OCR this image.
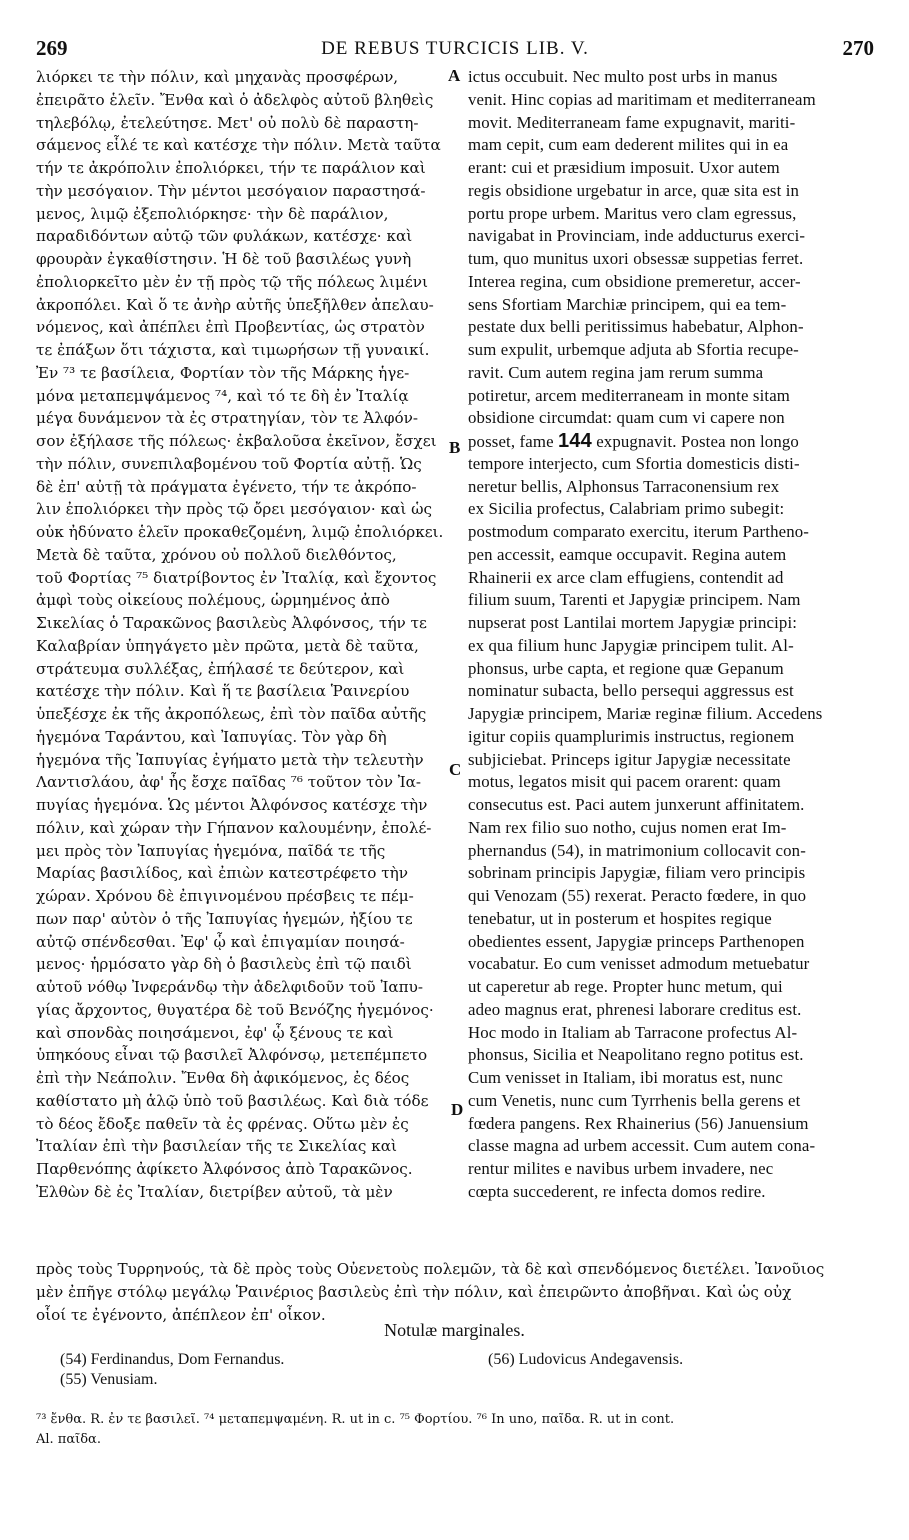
269	DE REBUS TURCICIS LIB. V.	270
A
B
C
D

λιόρκει τε τὴν πόλιν, καὶ μηχανὰς προσφέρων,

ἐπειρᾶτο ἑλεῖν. Ἔνθα καὶ ὁ ἀδελφὸς αὐτοῦ βληθεὶς

τηλεβόλῳ, ἐτελεύτησε. Μετ' οὐ πολὺ δὲ παραστη-

σάμενος εἷλέ τε καὶ κατέσχε τὴν πόλιν. Μετὰ ταῦτα

τήν τε ἀκρόπολιν ἐπολιόρκει, τήν τε παράλιον καὶ

τὴν μεσόγαιον. Τὴν μέντοι μεσόγαιον παραστησά-

μενος, λιμῷ ἐξεπολιόρκησε· τὴν δὲ παράλιον,

παραδιδόντων αὐτῷ τῶν φυλάκων, κατέσχε· καὶ

φρουρὰν ἐγκαθίστησιν. Ἡ δὲ τοῦ βασιλέως γυνὴ

ἐπολιορκεῖτο μὲν ἐν τῇ πρὸς τῷ τῆς πόλεως λιμένι

ἀκροπόλει. Καὶ ὅ τε ἀνὴρ αὐτῆς ὑπεξῆλθεν ἀπελαυ-

νόμενος, καὶ ἀπέπλει ἐπὶ Προβεντίας, ὡς στρατὸν

τε ἐπάξων ὅτι τάχιστα, καὶ τιμωρήσων τῇ γυναικί.

Ἐν ⁷³ τε βασίλεια, Φορτίαν τὸν τῆς Μάρκης ἡγε-

μόνα μεταπεμψάμενος ⁷⁴, καὶ τό τε δὴ ἐν Ἰταλίᾳ

μέγα δυνάμενον τὰ ἐς στρατηγίαν, τὸν τε Ἀλφόν-

σον ἐξήλασε τῆς πόλεως· ἐκβαλοῦσα ἐκεῖνον, ἔσχει

τὴν πόλιν, συνεπιλαβομένου τοῦ Φορτία αὐτῇ. Ὡς

δὲ ἐπ' αὐτῇ τὰ πράγματα ἐγένετο, τήν τε ἀκρόπο-

λιν ἐπολιόρκει τὴν πρὸς τῷ ὄρει μεσόγαιον· καὶ ὡς

οὐκ ἠδύνατο ἑλεῖν προκαθεζομένη, λιμῷ ἐπολιόρκει.

Μετὰ δὲ ταῦτα, χρόνου οὐ πολλοῦ διελθόντος,

τοῦ Φορτίας ⁷⁵ διατρίβοντος ἐν Ἰταλίᾳ, καὶ ἔχοντος

ἀμφὶ τοὺς οἰκείους πολέμους, ὡρμημένος ἀπὸ

Σικελίας ὁ Ταρακῶνος βασιλεὺς Ἀλφόνσος, τήν τε

Καλαβρίαν ὑπηγάγετο μὲν πρῶτα, μετὰ δὲ ταῦτα,

στράτευμα συλλέξας, ἐπήλασέ τε δεύτερον, καὶ

κατέσχε τὴν πόλιν. Καὶ ἥ τε βασίλεια Ῥαινερίου

ὑπεξέσχε ἐκ τῆς ἀκροπόλεως, ἐπὶ τὸν παῖδα αὐτῆς

ἡγεμόνα Ταράντου, καὶ Ἰαπυγίας. Τὸν γὰρ δὴ

ἡγεμόνα τῆς Ἰαπυγίας ἐγήματο μετὰ τὴν τελευτὴν

Λαντισλάου, ἀφ' ἧς ἔσχε παῖδας ⁷⁶ τοῦτον τὸν Ἰα-

πυγίας ἡγεμόνα. Ὡς μέντοι Ἀλφόνσος κατέσχε τὴν

πόλιν, καὶ χώραν τὴν Γήπανον καλουμένην, ἐπολέ-

μει πρὸς τὸν Ἰαπυγίας ἡγεμόνα, παῖδά τε τῆς

Μαρίας βασιλίδος, καὶ ἐπιὼν κατεστρέφετο τὴν

χώραν. Χρόνου δὲ ἐπιγινομένου πρέσβεις τε πέμ-

πων παρ' αὐτὸν ὁ τῆς Ἰαπυγίας ἡγεμών, ἠξίου τε

αὐτῷ σπένδεσθαι. Ἐφ' ᾧ καὶ ἐπιγαμίαν ποιησά-

μενος· ἡρμόσατο γὰρ δὴ ὁ βασιλεὺς ἐπὶ τῷ παιδὶ

αὐτοῦ νόθῳ Ἰνφεράνδῳ τὴν ἀδελφιδοῦν τοῦ Ἰαπυ-

γίας ἄρχοντος, θυγατέρα δὲ τοῦ Βενόζης ἡγεμόνος·

καὶ σπονδὰς ποιησάμενοι, ἐφ' ᾧ ξένους τε καὶ

ὑπηκόους εἶναι τῷ βασιλεῖ Ἀλφόνσῳ, μετεπέμπετο

ἐπὶ τὴν Νεάπολιν. Ἔνθα δὴ ἀφικόμενος, ἐς δέος

καθίστατο μὴ ἁλῷ ὑπὸ τοῦ βασιλέως. Καὶ διὰ τόδε

τὸ δέος ἔδοξε παθεῖν τὰ ἐς φρένας. Οὕτω μὲν ἐς

Ἰταλίαν ἐπὶ τὴν βασιλείαν τῆς τε Σικελίας καὶ

Παρθενόπης ἀφίκετο Ἀλφόνσος ἀπὸ Ταρακῶνος.

Ἐλθὼν δὲ ἐς Ἰταλίαν, διετρίβεν αὐτοῦ, τὰ μὲν

ictus occubuit. Nec multo post urbs in manus

venit. Hinc copias ad maritimam et mediterraneam

movit. Mediterraneam fame expugnavit, mariti-

mam cepit, cum eam dederent milites qui in ea

erant: cui et præsidium imposuit. Uxor autem

regis obsidione urgebatur in arce, quæ sita est in

portu prope urbem. Maritus vero clam egressus,

navigabat in Provinciam, inde adducturus exerci-

tum, quo munitus uxori obsessæ suppetias ferret.

Interea regina, cum obsidione premeretur, accer-

sens Sfortiam Marchiæ principem, qui ea tem-

pestate dux belli peritissimus habebatur, Alphon-

sum expulit, urbemque adjuta ab Sfortia recupe-

ravit. Cum autem regina jam rerum summa

potiretur, arcem mediterraneam in monte sitam

obsidione circumdat: quam cum vi capere non

posset, fame 144 expugnavit. Postea non longo

tempore interjecto, cum Sfortia domesticis disti-

neretur bellis, Alphonsus Tarraconensium rex

ex Sicilia profectus, Calabriam primo subegit:

postmodum comparato exercitu, iterum Partheno-

pen accessit, eamque occupavit. Regina autem

Rhainerii ex arce clam effugiens, contendit ad

filium suum, Tarenti et Japygiæ principem. Nam

nupserat post Lantilai mortem Japygiæ principi:

ex qua filium hunc Japygiæ principem tulit. Al-

phonsus, urbe capta, et regione quæ Gepanum

nominatur subacta, bello persequi aggressus est

Japygiæ principem, Mariæ reginæ filium. Accedens

igitur copiis quamplurimis instructus, regionem

subjiciebat. Princeps igitur Japygiæ necessitate

motus, legatos misit qui pacem orarent: quam

consecutus est. Paci autem junxerunt affinitatem.

Nam rex filio suo notho, cujus nomen erat Im-

phernandus (54), in matrimonium collocavit con-

sobrinam principis Japygiæ, filiam vero principis

qui Venozam (55) rexerat. Peracto fœdere, in quo

tenebatur, ut in posterum et hospites regique

obedientes essent, Japygiæ princeps Parthenopen

vocabatur. Eo cum venisset admodum metuebatur

ut caperetur ab rege. Propter hunc metum, qui

adeo magnus erat, phrenesi laborare creditus est.

Hoc modo in Italiam ab Tarracone profectus Al-

phonsus, Sicilia et Neapolitano regno potitus est.

Cum venisset in Italiam, ibi moratus est, nunc

cum Venetis, nunc cum Tyrrhenis bella gerens et

fœdera pangens. Rex Rhainerius (56) Januensium

classe magna ad urbem accessit. Cum autem cona-

rentur milites e navibus urbem invadere, nec

cœpta succederent, re infecta domos redire.

πρὸς τοὺς Τυρρηνούς, τὰ δὲ πρὸς τοὺς Οὐενετοὺς πολεμῶν, τὰ δὲ καὶ σπενδόμενος διετέλει. Ἰανοῦιος

μὲν ἐπῆγε στόλῳ μεγάλῳ Ῥαινέριος βασιλεὺς ἐπὶ τὴν πόλιν, καὶ ἐπειρῶντο ἀποβῆναι. Καὶ ὡς οὐχ

οἷοί τε ἐγένοντο, ἀπέπλεον ἐπ' οἶκον.

Notulæ marginales.

(54) Ferdinandus, Dom Fernandus.

(55) Venusiam.

(56) Ludovicus Andegavensis.

⁷³ ἔνθα. R. ἐν τε βασιλεῖ. ⁷⁴ μεταπεμψαμένη. R. ut in c. ⁷⁵ Φορτίου. ⁷⁶ In uno, παῖδα. R. ut in cont.

Al. παῖδα.
